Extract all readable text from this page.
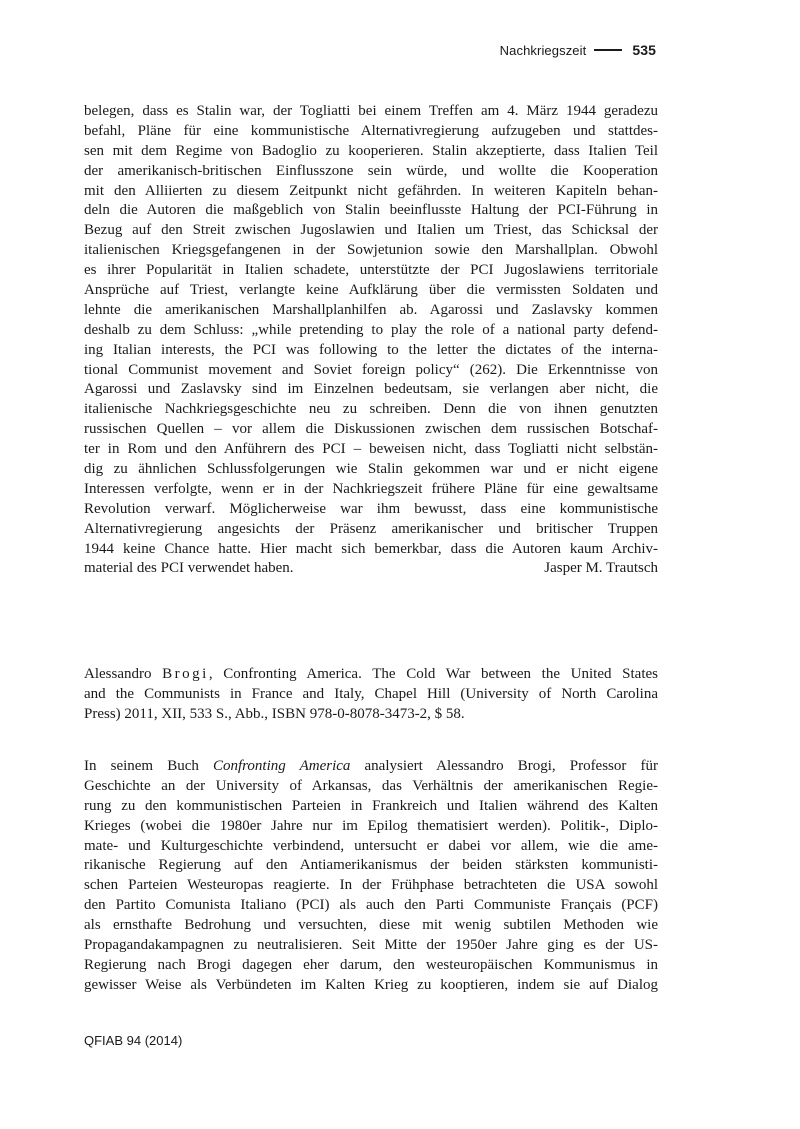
Nachkriegszeit	535
belegen, dass es Stalin war, der Togliatti bei einem Treffen am 4. März 1944 geradezu
befahl, Pläne für eine kommunistische Alternativregierung aufzugeben und stattdes-
sen mit dem Regime von Badoglio zu kooperieren. Stalin akzeptierte, dass Italien Teil
der amerikanisch-britischen Einflusszone sein würde, und wollte die Kooperation
mit den Alliierten zu diesem Zeitpunkt nicht gefährden. In weiteren Kapiteln behan-
deln die Autoren die maßgeblich von Stalin beeinflusste Haltung der PCI-Führung in
Bezug auf den Streit zwischen Jugoslawien und Italien um Triest, das Schicksal der
italienischen Kriegsgefangenen in der Sowjetunion sowie den Marshallplan. Obwohl
es ihrer Popularität in Italien schadete, unterstützte der PCI Jugoslawiens territoriale
Ansprüche auf Triest, verlangte keine Aufklärung über die vermissten Soldaten und
lehnte die amerikanischen Marshallplanhilfen ab. Agarossi und Zaslavsky kommen
deshalb zu dem Schluss: „while pretending to play the role of a national party defend-
ing Italian interests, the PCI was following to the letter the dictates of the interna-
tional Communist movement and Soviet foreign policy“ (262). Die Erkenntnisse von
Agarossi und Zaslavsky sind im Einzelnen bedeutsam, sie verlangen aber nicht, die
italienische Nachkriegsgeschichte neu zu schreiben. Denn die von ihnen genutzten
russischen Quellen – vor allem die Diskussionen zwischen dem russischen Botschaf-
ter in Rom und den Anführern des PCI – beweisen nicht, dass Togliatti nicht selbstän-
dig zu ähnlichen Schlussfolgerungen wie Stalin gekommen war und er nicht eigene
Interessen verfolgte, wenn er in der Nachkriegszeit frühere Pläne für eine gewaltsame
Revolution verwarf. Möglicherweise war ihm bewusst, dass eine kommunistische
Alternativregierung angesichts der Präsenz amerikanischer und britischer Truppen
1944 keine Chance hatte. Hier macht sich bemerkbar, dass die Autoren kaum Archiv-
material des PCI verwendet haben.	Jasper M. Trautsch
Alessandro Brogi, Confronting America. The Cold War between the United States
and the Communists in France and Italy, Chapel Hill (University of North Carolina
Press) 2011, XII, 533 S., Abb., ISBN 978-0-8078-3473-2, $ 58.
In seinem Buch Confronting America analysiert Alessandro Brogi, Professor für
Geschichte an der University of Arkansas, das Verhältnis der amerikanischen Regie-
rung zu den kommunistischen Parteien in Frankreich und Italien während des Kalten
Krieges (wobei die 1980er Jahre nur im Epilog thematisiert werden). Politik-, Diplo-
mate- und Kulturgeschichte verbindend, untersucht er dabei vor allem, wie die ame-
rikanische Regierung auf den Antiamerikanismus der beiden stärksten kommunisti-
schen Parteien Westeuropas reagierte. In der Frühphase betrachteten die USA sowohl
den Partito Comunista Italiano (PCI) als auch den Parti Communiste Français (PCF)
als ernsthafte Bedrohung und versuchten, diese mit wenig subtilen Methoden wie
Propagandakampagnen zu neutralisieren. Seit Mitte der 1950er Jahre ging es der US-
Regierung nach Brogi dagegen eher darum, den westeuropäischen Kommunismus in
gewisser Weise als Verbündeten im Kalten Krieg zu kooptieren, indem sie auf Dialog
QFIAB 94 (2014)
